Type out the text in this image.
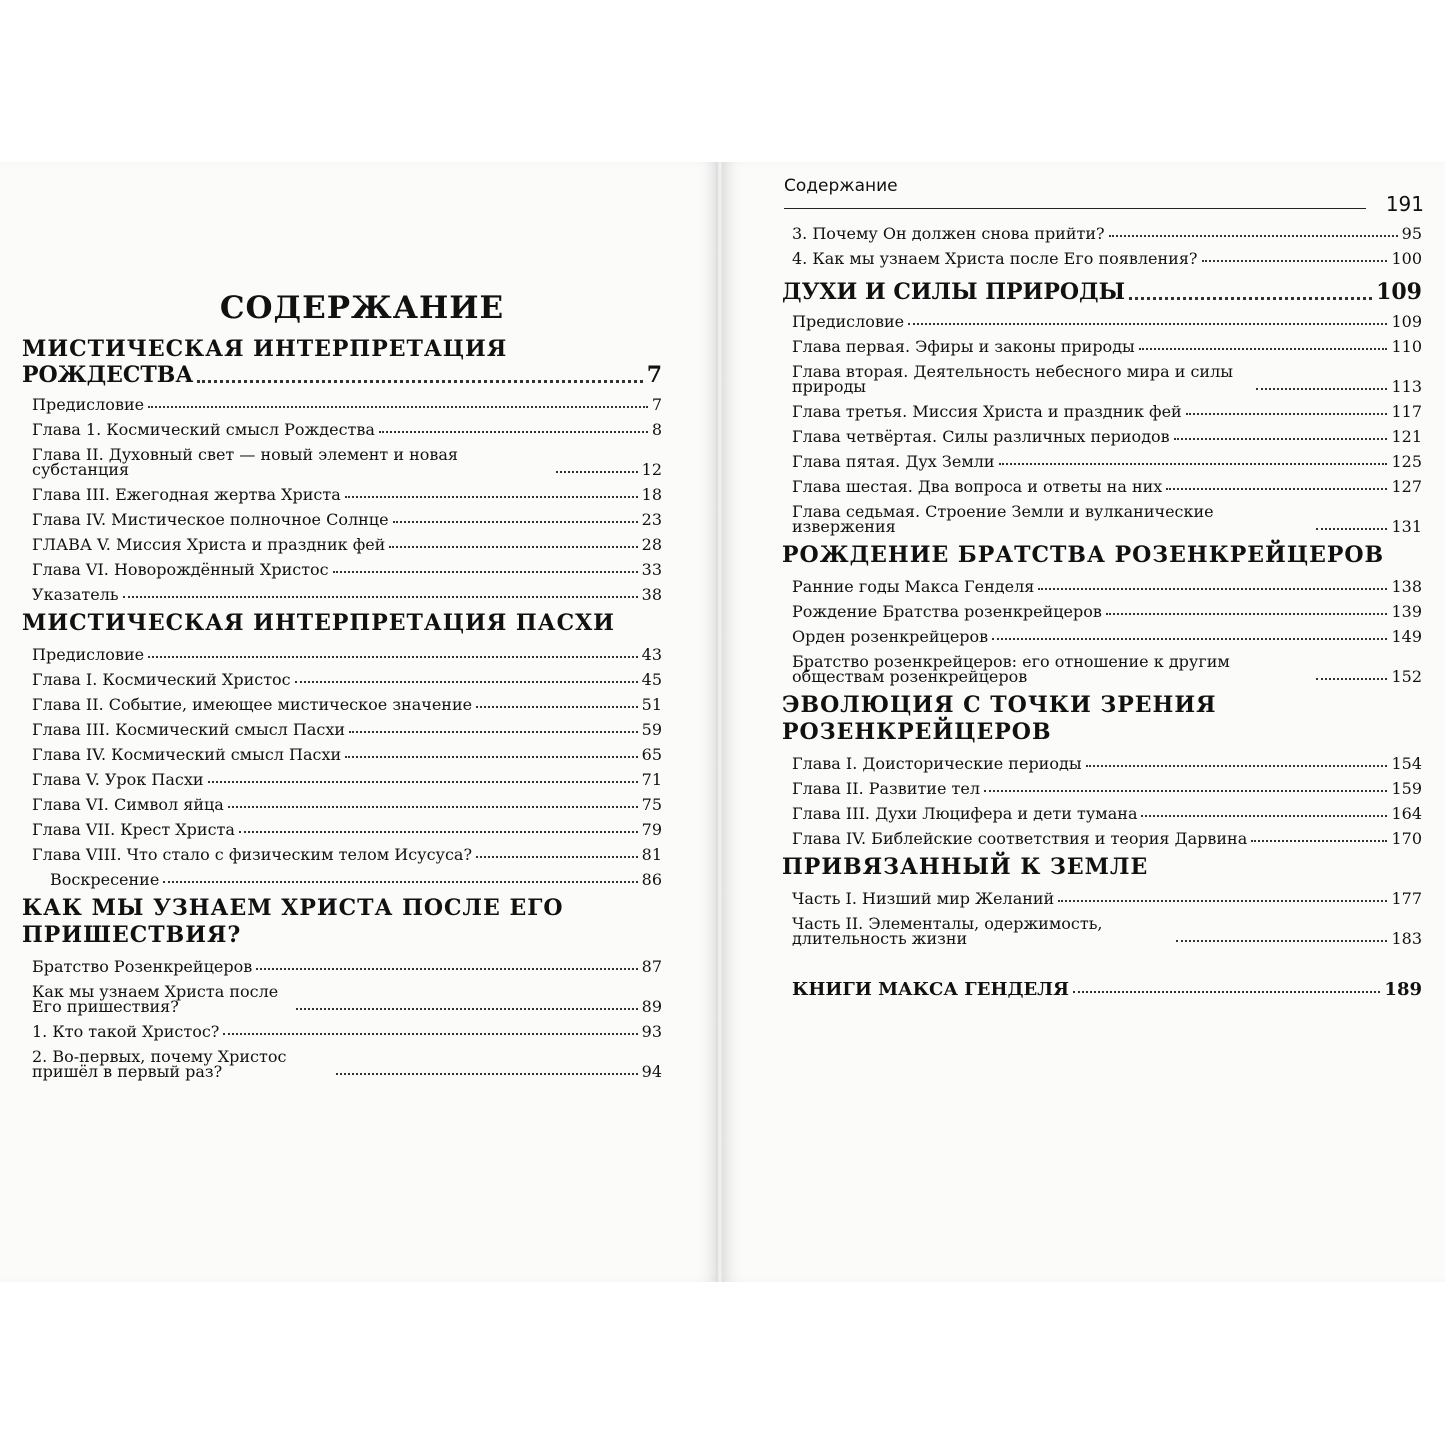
СОДЕРЖАНИЕ
МИСТИЧЕСКАЯ ИНТЕРПРЕТАЦИЯ
РОЖДЕСТВА	7
Предисловие	7
Глава 1. Космический смысл Рождества	8
Глава II. Духовный свет — новый элемент и новая субстанция	12
Глава III. Ежегодная жертва Христа	18
Глава IV. Мистическое полночное Солнце	23
ГЛАВА V. Миссия Христа и праздник фей	28
Глава VI. Новорождённый Христос	33
Указатель	38
МИСТИЧЕСКАЯ ИНТЕРПРЕТАЦИЯ ПАСХИ
Предисловие	43
Глава I. Космический Христос	45
Глава II. Событие, имеющее мистическое значение	51
Глава III. Космический смысл Пасхи	59
Глава IV. Космический смысл Пасхи	65
Глава V. Урок Пасхи	71
Глава VI. Символ яйца	75
Глава VII. Крест Христа	79
Глава VIII. Что стало с физическим телом Исусуса?	81
Воскресение	86
КАК МЫ УЗНАЕМ ХРИСТА ПОСЛЕ ЕГО
ПРИШЕСТВИЯ?
Братство Розенкрейцеров	87
Как мы узнаем Христа после Его пришествия?	89
1. Кто такой Христос?	93
2. Во-первых, почему Христос пришёл в первый раз?	94
Содержание
191
3. Почему Он должен снова прийти?	95
4. Как мы узнаем Христа после Его появления?	100
ДУХИ И СИЛЫ ПРИРОДЫ	109
Предисловие	109
Глава первая. Эфиры и законы природы	110
Глава вторая. Деятельность небесного мира и силы природы	113
Глава третья. Миссия Христа и праздник фей	117
Глава четвёртая. Силы различных периодов	121
Глава пятая. Дух Земли	125
Глава шестая. Два вопроса и ответы на них	127
Глава седьмая. Строение Земли и вулканические извержения	131
РОЖДЕНИЕ БРАТСТВА РОЗЕНКРЕЙЦЕРОВ
Ранние годы Макса Генделя	138
Рождение Братства розенкрейцеров	139
Орден розенкрейцеров	149
Братство розенкрейцеров: его отношение к другим обществам розенкрейцеров	152
ЭВОЛЮЦИЯ С ТОЧКИ ЗРЕНИЯ
РОЗЕНКРЕЙЦЕРОВ
Глава I. Доисторические периоды	154
Глава II. Развитие тел	159
Глава III. Духи Люцифера и дети тумана	164
Глава IV. Библейские соответствия и теория Дарвина	170
ПРИВЯЗАННЫЙ К ЗЕМЛЕ
Часть I. Низший мир Желаний	177
Часть II. Элементалы, одержимость, длительность жизни	183
КНИГИ МАКСА ГЕНДЕЛЯ	189
